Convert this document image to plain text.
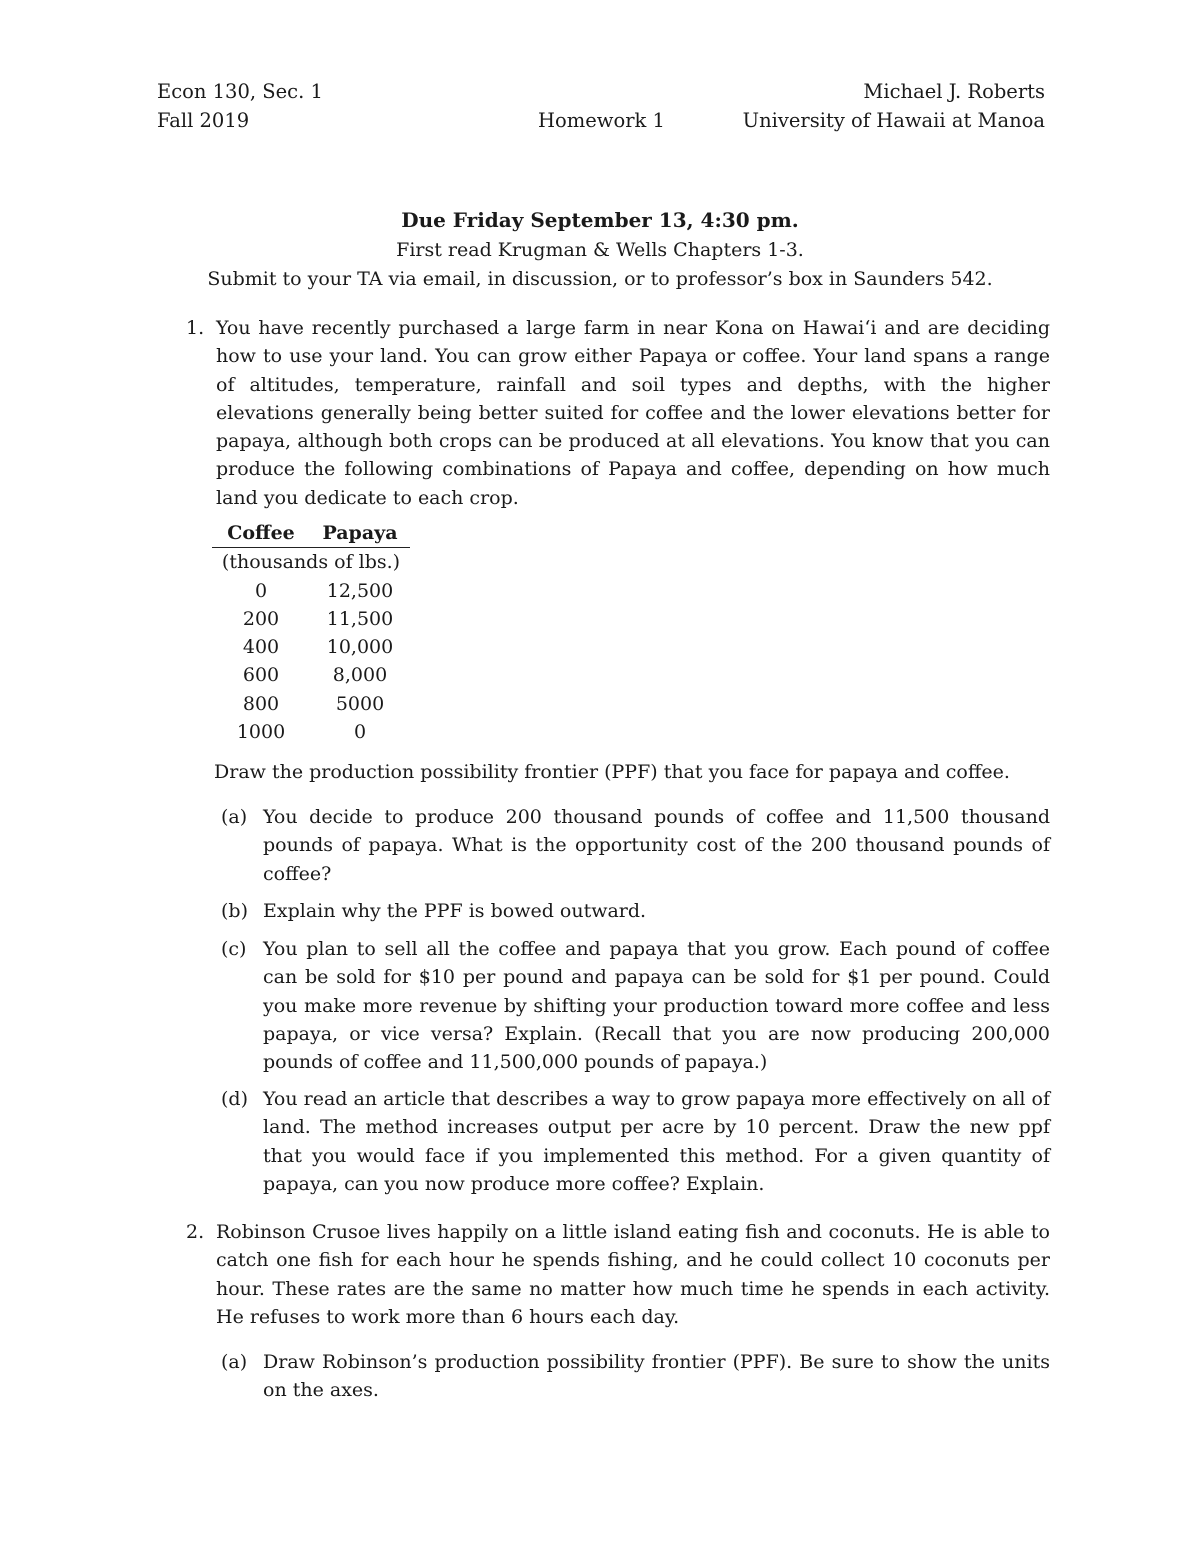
Econ 130, Sec. 1
Fall 2019	Homework 1
Michael J. Roberts
University of Hawaii at Manoa
Due Friday September 13, 4:30 pm.
First read Krugman & Wells Chapters 1-3.
Submit to your TA via email, in discussion, or to professor’s box in Saunders 542.
1. You have recently purchased a large farm in near Kona on Hawai‘i and are deciding how to use your land. You can grow either Papaya or coffee. Your land spans a range of altitudes, temperature, rainfall and soil types and depths, with the higher elevations generally being better suited for coffee and the lower elevations better for papaya, although both crops can be produced at all elevations. You know that you can produce the following combinations of Papaya and coffee, depending on how much land you dedicate to each crop.
Coffee	Papaya
(thousands of lbs.)	
0	12,500
200	11,500
400	10,000
600	8,000
800	5000
1000	0
Draw the production possibility frontier (PPF) that you face for papaya and coffee.
(a) You decide to produce 200 thousand pounds of coffee and 11,500 thousand pounds of papaya. What is the opportunity cost of the 200 thousand pounds of coffee?
(b) Explain why the PPF is bowed outward.
(c) You plan to sell all the coffee and papaya that you grow. Each pound of coffee can be sold for $10 per pound and papaya can be sold for $1 per pound. Could you make more revenue by shifting your production toward more coffee and less papaya, or vice versa? Explain. (Recall that you are now producing 200,000 pounds of coffee and 11,500,000 pounds of papaya.)
(d) You read an article that describes a way to grow papaya more effectively on all of land. The method increases output per acre by 10 percent. Draw the new ppf that you would face if you implemented this method. For a given quantity of papaya, can you now produce more coffee? Explain.
2. Robinson Crusoe lives happily on a little island eating fish and coconuts. He is able to catch one fish for each hour he spends fishing, and he could collect 10 coconuts per hour. These rates are the same no matter how much time he spends in each activity. He refuses to work more than 6 hours each day.
(a) Draw Robinson’s production possibility frontier (PPF). Be sure to show the units on the axes.
